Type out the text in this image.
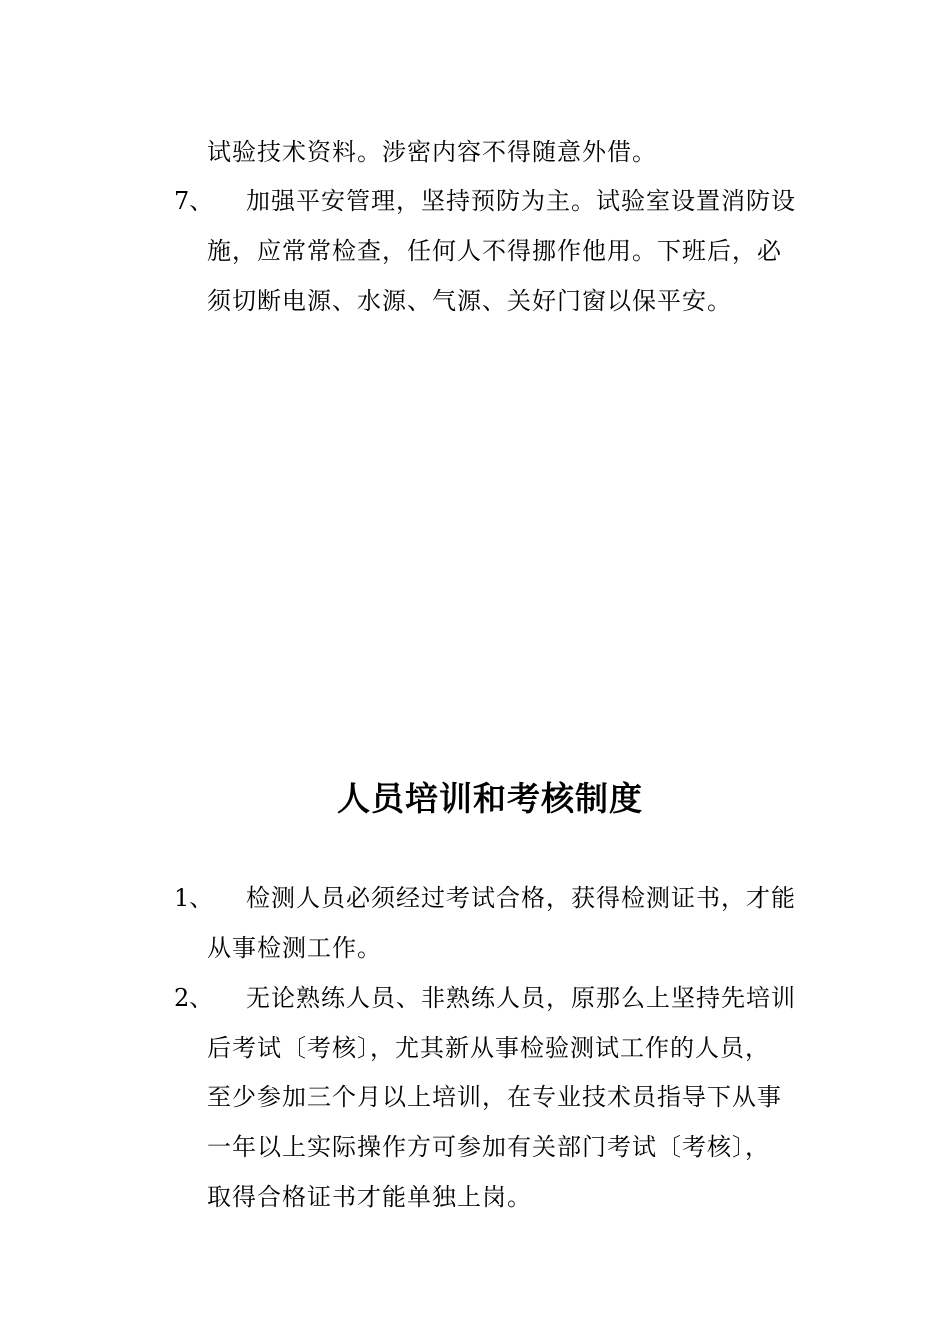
试验技术资料。涉密内容不得随意外借。
7、 加强平安管理，坚持预防为主。试验室设置消防设
施，应常常检查，任何人不得挪作他用。下班后，必
须切断电源、水源、气源、关好门窗以保平安。
人员培训和考核制度
1、 检测人员必须经过考试合格，获得检测证书，才能
从事检测工作。
2、 无论熟练人员、非熟练人员，原那么上坚持先培训
后考试〔考核〕，尤其新从事检验测试工作的人员，
至少参加三个月以上培训，在专业技术员指导下从事
一年以上实际操作方可参加有关部门考试〔考核〕，
取得合格证书才能单独上岗。
